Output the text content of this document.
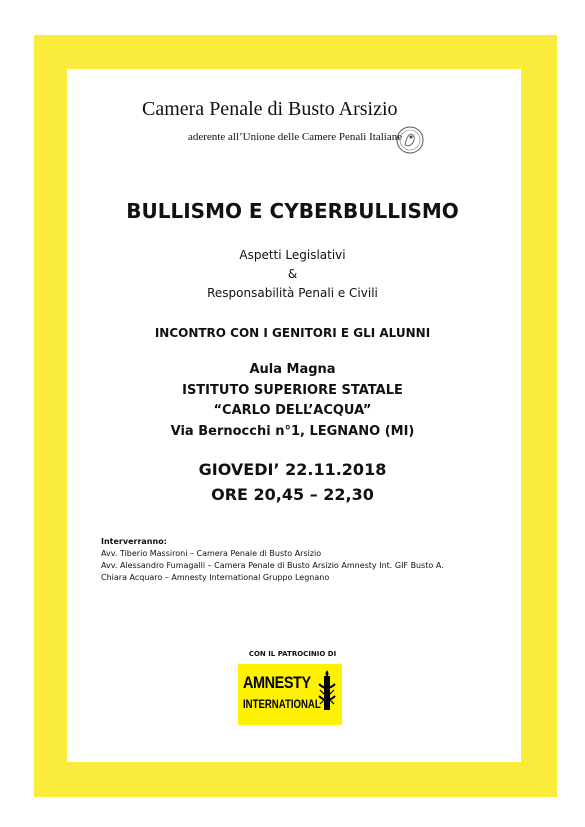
Camera Penale di Busto Arsizio
aderente all’Unione delle Camere Penali Italiane
BULLISMO E CYBERBULLISMO
Aspetti Legislativi
&
Responsabilità Penali e Civili
INCONTRO CON I GENITORI E GLI ALUNNI
Aula Magna
ISTITUTO SUPERIORE STATALE
“CARLO DELL’ACQUA”
Via Bernocchi n°1, LEGNANO (MI)
GIOVEDI’ 22.11.2018
ORE 20,45 – 22,30
Interverranno:
Avv. Tiberio Massironi – Camera Penale di Busto Arsizio
Avv. Alessandro Fumagalli – Camera Penale di Busto Arsizio Amnesty Int. GIF Busto A.
Chiara Acquaro – Amnesty International Gruppo Legnano
CON IL PATROCINIO DI
AMNESTY
INTERNATIONAL
